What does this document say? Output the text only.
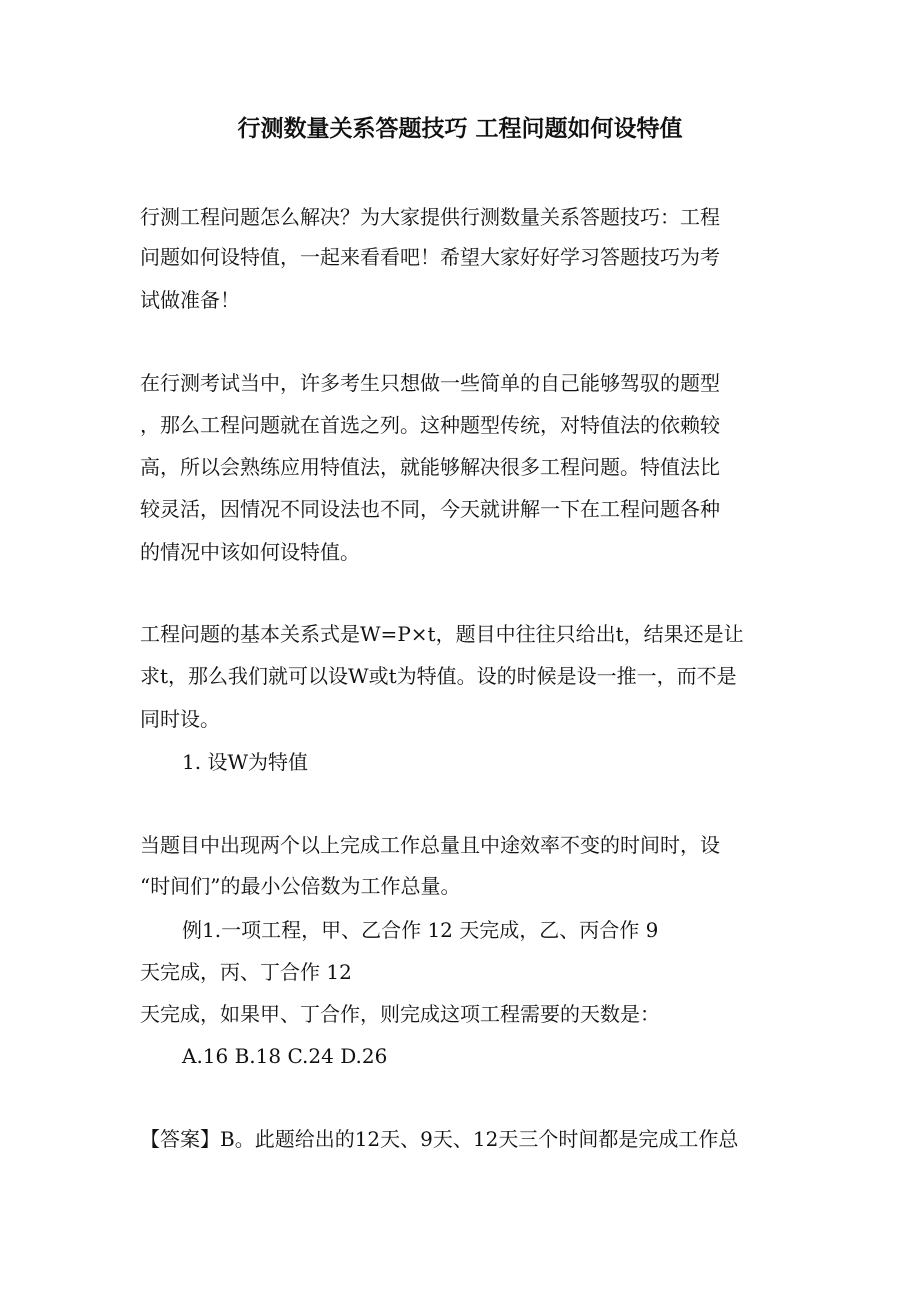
行测数量关系答题技巧 工程问题如何设特值
行测工程问题怎么解决？为大家提供行测数量关系答题技巧：工程
问题如何设特值，一起来看看吧！希望大家好好学习答题技巧为考
试做准备！
在行测考试当中，许多考生只想做一些简单的自己能够驾驭的题型
，那么工程问题就在首选之列。这种题型传统，对特值法的依赖较
高，所以会熟练应用特值法，就能够解决很多工程问题。特值法比
较灵活，因情况不同设法也不同，今天就讲解一下在工程问题各种
的情况中该如何设特值。
工程问题的基本关系式是W=P×t，题目中往往只给出t，结果还是让
求t，那么我们就可以设W或t为特值。设的时候是设一推一，而不是
同时设。
1. 设W为特值
当题目中出现两个以上完成工作总量且中途效率不变的时间时，设
“时间们”的最小公倍数为工作总量。
例1.一项工程，甲、乙合作 12 天完成，乙、丙合作 9
天完成，丙、丁合作 12
天完成，如果甲、丁合作，则完成这项工程需要的天数是：
A.16 B.18 C.24 D.26
【答案】B。此题给出的12天、9天、12天三个时间都是完成工作总
